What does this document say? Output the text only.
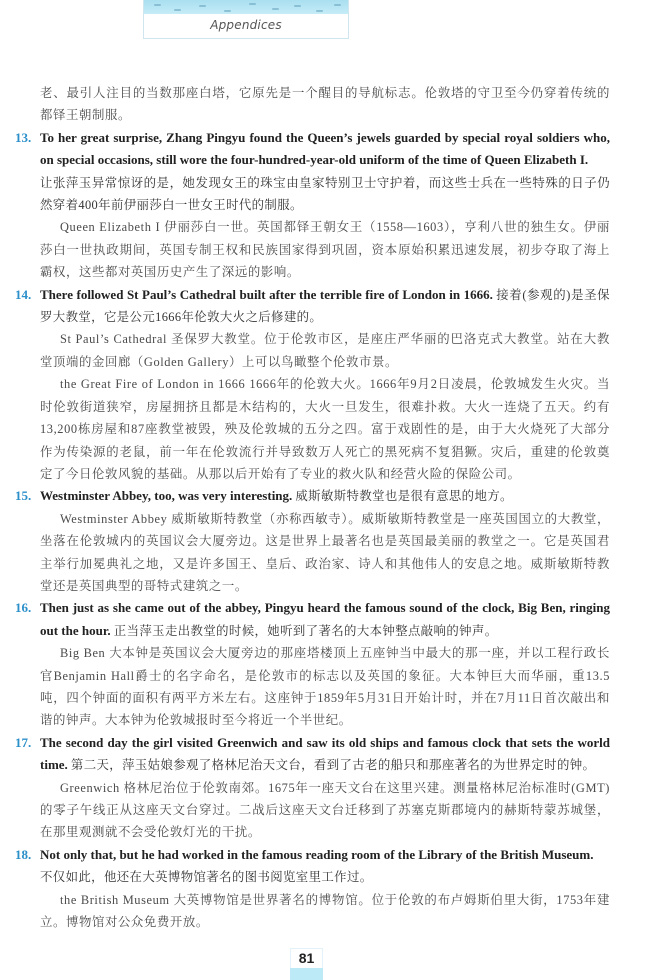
Appendices

老、最引人注目的当数那座白塔，它原先是一个醒目的导航标志。伦敦塔的守卫至今仍穿着传统的都铎王朝制服。

13. To her great surprise, Zhang Pingyu found the Queen’s jewels guarded by special royal soldiers who, on special occasions, still wore the four-hundred-year-old uniform of the time of Queen Elizabeth I.

让张萍玉异常惊讶的是，她发现女王的珠宝由皇家特别卫士守护着，而这些士兵在一些特殊的日子仍然穿着400年前伊丽莎白一世女王时代的制服。

Queen Elizabeth I 伊丽莎白一世。英国都铎王朝女王（1558—1603），亨利八世的独生女。伊丽莎白一世执政期间，英国专制王权和民族国家得到巩固，资本原始积累迅速发展，初步夺取了海上霸权，这些都对英国历史产生了深远的影响。

14. There followed St Paul’s Cathedral built after the terrible fire of London in 1666. 接着(参观的)是圣保罗大教堂，它是公元1666年伦敦大火之后修建的。

St Paul’s Cathedral 圣保罗大教堂。位于伦敦市区，是座庄严华丽的巴洛克式大教堂。站在大教堂顶端的金回廊（Golden Gallery）上可以鸟瞰整个伦敦市景。

the Great Fire of London in 1666 1666年的伦敦大火。1666年9月2日凌晨，伦敦城发生火灾。当时伦敦街道狭窄，房屋拥挤且都是木结构的，大火一旦发生，很难扑救。大火一连烧了五天。约有13,200栋房屋和87座教堂被毁，殃及伦敦城的五分之四。富于戏剧性的是，由于大火烧死了大部分作为传染源的老鼠，前一年在伦敦流行并导致数万人死亡的黑死病不复猖獗。灾后，重建的伦敦奠定了今日伦敦风貌的基础。从那以后开始有了专业的救火队和经营火险的保险公司。

15. Westminster Abbey, too, was very interesting. 威斯敏斯特教堂也是很有意思的地方。

Westminster Abbey 威斯敏斯特教堂（亦称西敏寺）。威斯敏斯特教堂是一座英国国立的大教堂，坐落在伦敦城内的英国议会大厦旁边。这是世界上最著名也是英国最美丽的教堂之一。它是英国君主举行加冕典礼之地，又是许多国王、皇后、政治家、诗人和其他伟人的安息之地。威斯敏斯特教堂还是英国典型的哥特式建筑之一。

16. Then just as she came out of the abbey, Pingyu heard the famous sound of the clock, Big Ben, ringing out the hour. 正当萍玉走出教堂的时候，她听到了著名的大本钟整点敲响的钟声。

Big Ben 大本钟是英国议会大厦旁边的那座塔楼顶上五座钟当中最大的那一座，并以工程行政长官Benjamin Hall爵士的名字命名，是伦敦市的标志以及英国的象征。大本钟巨大而华丽，重13.5吨，四个钟面的面积有两平方米左右。这座钟于1859年5月31日开始计时，并在7月11日首次敲出和谐的钟声。大本钟为伦敦城报时至今将近一个半世纪。

17. The second day the girl visited Greenwich and saw its old ships and famous clock that sets the world time. 第二天，萍玉姑娘参观了格林尼治天文台，看到了古老的船只和那座著名的为世界定时的钟。

Greenwich 格林尼治位于伦敦南郊。1675年一座天文台在这里兴建。测量格林尼治标准时(GMT)的零子午线正从这座天文台穿过。二战后这座天文台迁移到了苏塞克斯郡境内的赫斯特蒙苏城堡，在那里观测就不会受伦敦灯光的干扰。

18. Not only that, but he had worked in the famous reading room of the Library of the British Museum.

不仅如此，他还在大英博物馆著名的图书阅览室里工作过。

the British Museum 大英博物馆是世界著名的博物馆。位于伦敦的布卢姆斯伯里大街，1753年建立。博物馆对公众免费开放。

81
